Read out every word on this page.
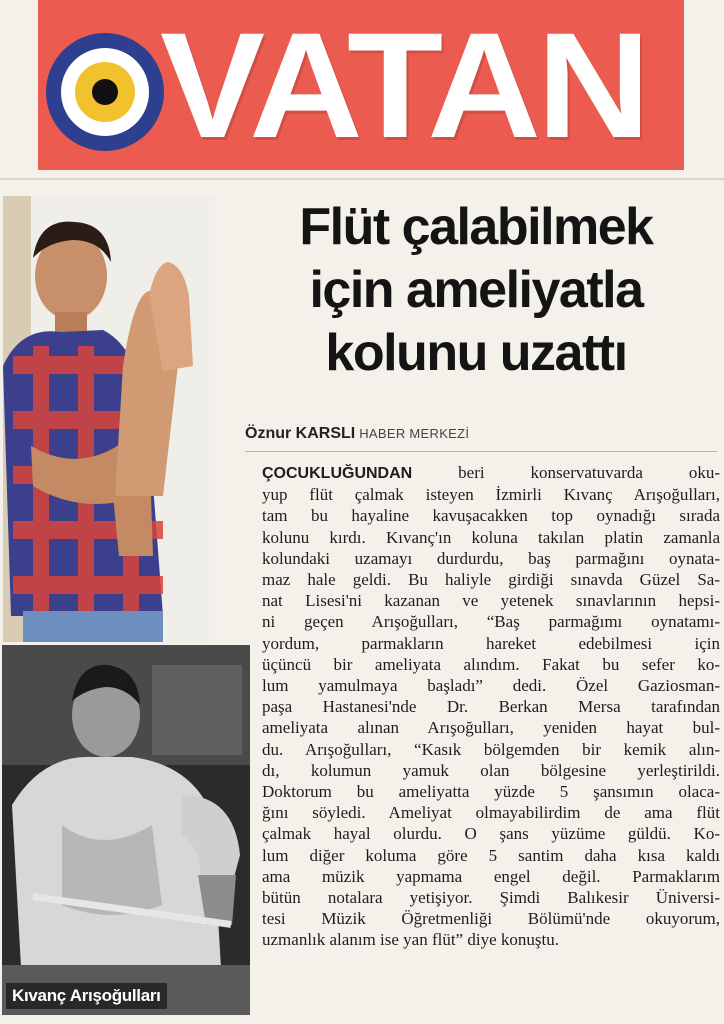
VATAN
Kıvanç Arışoğulları
Flüt çalabilmek
için ameliyatla
kolunu uzattı
Öznur KARSLI HABER MERKEZİ
ÇOCUKLUĞUNDAN beri konservatuvarda oku-
yup flüt çalmak isteyen İzmirli Kıvanç Arışoğulları,
tam bu hayaline kavuşacakken top oynadığı sırada
kolunu kırdı. Kıvanç'ın koluna takılan platin zamanla
kolundaki uzamayı durdurdu, baş parmağını oynata-
maz hale geldi. Bu haliyle girdiği sınavda Güzel Sa-
nat Lisesi'ni kazanan ve yetenek sınavlarının hepsi-
ni geçen Arışoğulları, “Baş parmağımı oynatamı-
yordum, parmakların hareket edebilmesi için
üçüncü bir ameliyata alındım. Fakat bu sefer ko-
lum yamulmaya başladı” dedi. Özel Gaziosman-
paşa Hastanesi'nde Dr. Berkan Mersa tarafından
ameliyata alınan Arışoğulları, yeniden hayat bul-
du. Arışoğulları, “Kasık bölgemden bir kemik alın-
dı, kolumun yamuk olan bölgesine yerleştirildi.
Doktorum bu ameliyatta yüzde 5 şansımın olaca-
ğını söyledi. Ameliyat olmayabilirdim de ama flüt
çalmak hayal olurdu. O şans yüzüme güldü. Ko-
lum diğer koluma göre 5 santim daha kısa kaldı
ama müzik yapmama engel değil. Parmaklarım
bütün notalara yetişiyor. Şimdi Balıkesir Üniversi-
tesi Müzik Öğretmenliği Bölümü'nde okuyorum,
uzmanlık alanım ise yan flüt” diye konuştu.
